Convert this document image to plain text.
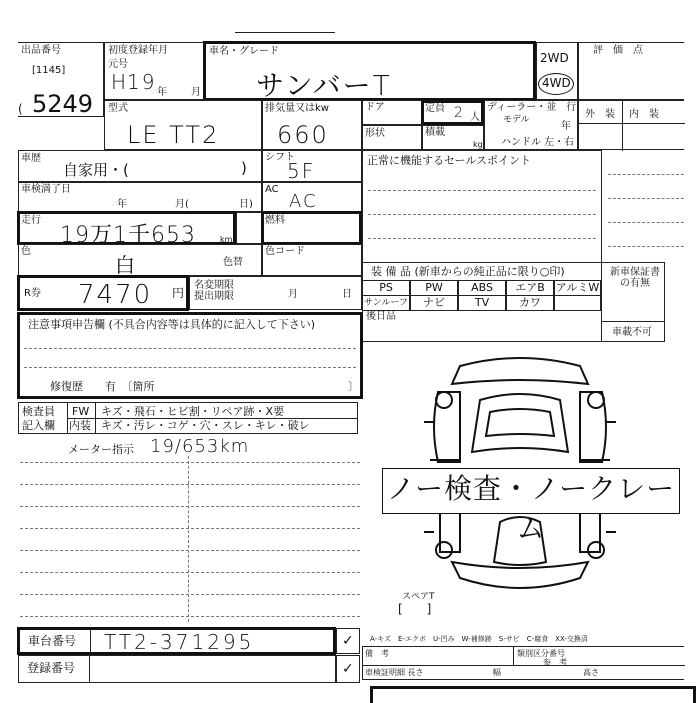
出品番号
[1145]
5249
初度登録年月
元号
H
19 年 月
車名・グレード
サンバーT
2WD
4WD
評　価　点
型式
LE TT2
排気量又はkw
660
ドア	定員 2 人
ディーラー・並　行
モデル
年
ハンドル 左・右
形状	積載
kg
外　装 内　装
(
車歴
自家用・(	)
シフト
5F
車検満了日
年	月(	日)
AC
AC
走行
19万1千653	km
燃料
色
白	色替
色コード
R券 7470 円
名変期限
提出期限	月	日
正常に機能するセールスポイント
装 備 品 (新車からの純正品に限り○印)
後日品
PS	PW	ABS	エアB	アルミW
サンルーフ	ナビ	TV	カワ
新車保証書の有無
車載不可
注意事項申告欄 (不具合内容等は具体的に記入して下さい)
修復歴　　有　〔箇所	〕
検査員
記入欄
FW キズ・飛石・ヒビ割・リペア跡・X要
内装 キズ・汚レ・コゲ・穴・スレ・キレ・破レ
メーター指示 19/653km
ノー検査・ノークレーム
スペアT
[　　]
車台番号 TT2-371295	✓
登録番号	✓
A-キズ　E-エクボ　U-凹み　W-補修跡　S-サビ　C-腐食　XX-交換済
備　考	類別区分番号
参　考
車検証明細 長さ	幅	高さ
